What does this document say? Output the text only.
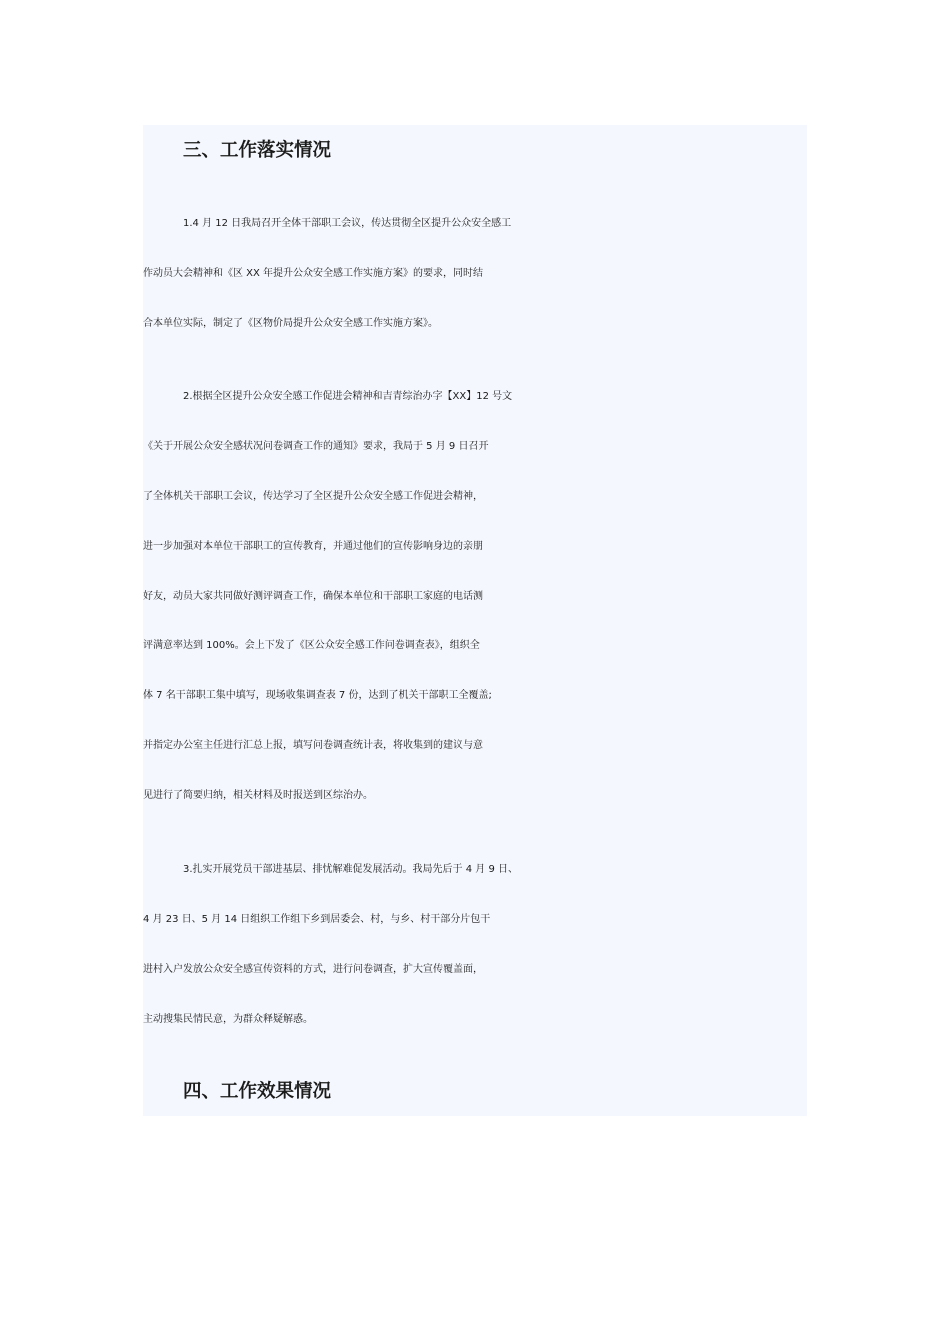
三、工作落实情况

1.4 月 12 日我局召开全体干部职工会议，传达贯彻全区提升公众安全感工

作动员大会精神和《区 XX 年提升公众安全感工作实施方案》的要求，同时结

合本单位实际，制定了《区物价局提升公众安全感工作实施方案》。

2.根据全区提升公众安全感工作促进会精神和吉青综治办字【XX】12 号文

《关于开展公众安全感状况问卷调查工作的通知》要求，我局于 5 月 9 日召开

了全体机关干部职工会议，传达学习了全区提升公众安全感工作促进会精神，

进一步加强对本单位干部职工的宣传教育，并通过他们的宣传影响身边的亲朋

好友，动员大家共同做好测评调查工作，确保本单位和干部职工家庭的电话测

评满意率达到 100%。会上下发了《区公众安全感工作问卷调查表》，组织全

体 7 名干部职工集中填写，现场收集调查表 7 份，达到了机关干部职工全覆盖;

并指定办公室主任进行汇总上报，填写问卷调查统计表，将收集到的建议与意

见进行了简要归纳，相关材料及时报送到区综治办。

3.扎实开展党员干部进基层、排忧解难促发展活动。我局先后于 4 月 9 日、

4 月 23 日、5 月 14 日组织工作组下乡到居委会、村，与乡、村干部分片包干

进村入户发放公众安全感宣传资料的方式，进行问卷调查，扩大宣传覆盖面，

主动搜集民情民意，为群众释疑解惑。

四、工作效果情况
